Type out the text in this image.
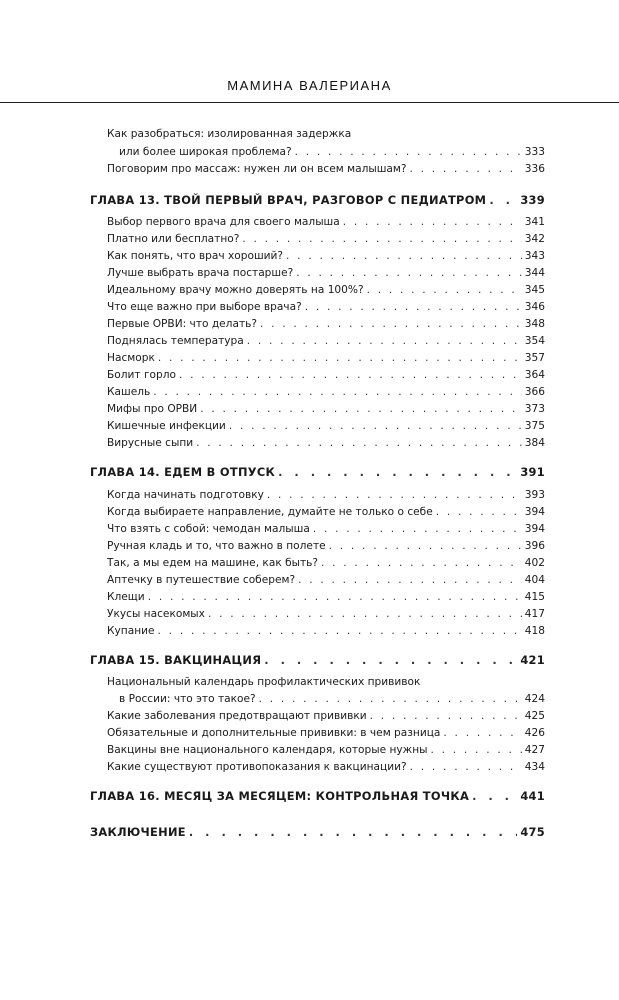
МАМИНА ВАЛЕРИАНА
Как разобраться: изолированная задержка
или более широкая проблема? . . .	333
Поговорим про массаж: нужен ли он всем малышам? . . .	336
ГЛАВА 13. ТВОЙ ПЕРВЫЙ ВРАЧ, РАЗГОВОР С ПЕДИАТРОМ . . .	339
Выбор первого врача для своего малыша . . .	341
Платно или бесплатно? . . .	342
Как понять, что врач хороший? . . .	343
Лучше выбрать врача постарше? . . .	344
Идеальному врачу можно доверять на 100%? . . .	345
Что еще важно при выборе врача? . . .	346
Первые ОРВИ: что делать? . . .	348
Поднялась температура . . .	354
Насморк . . .	357
Болит горло . . .	364
Кашель . . .	366
Мифы про ОРВИ . . .	373
Кишечные инфекции . . .	375
Вирусные сыпи . . .	384
ГЛАВА 14. ЕДЕМ В ОТПУСК . . .	391
Когда начинать подготовку . . .	393
Когда выбираете направление, думайте не только о себе . . .	394
Что взять с собой: чемодан малыша . . .	394
Ручная кладь и то, что важно в полете . . .	396
Так, а мы едем на машине, как быть? . . .	402
Аптечку в путешествие соберем? . . .	404
Клещи . . .	415
Укусы насекомых . . .	417
Купание . . .	418
ГЛАВА 15. ВАКЦИНАЦИЯ . . .	421
Национальный календарь профилактических прививок
в России: что это такое? . . .	424
Какие заболевания предотвращают прививки . . .	425
Обязательные и дополнительные прививки: в чем разница . . .	426
Вакцины вне национального календаря, которые нужны . . .	427
Какие существуют противопоказания к вакцинации? . . .	434
ГЛАВА 16. МЕСЯЦ ЗА МЕСЯЦЕМ: КОНТРОЛЬНАЯ ТОЧКА . . .	441
ЗАКЛЮЧЕНИЕ . . .	475
